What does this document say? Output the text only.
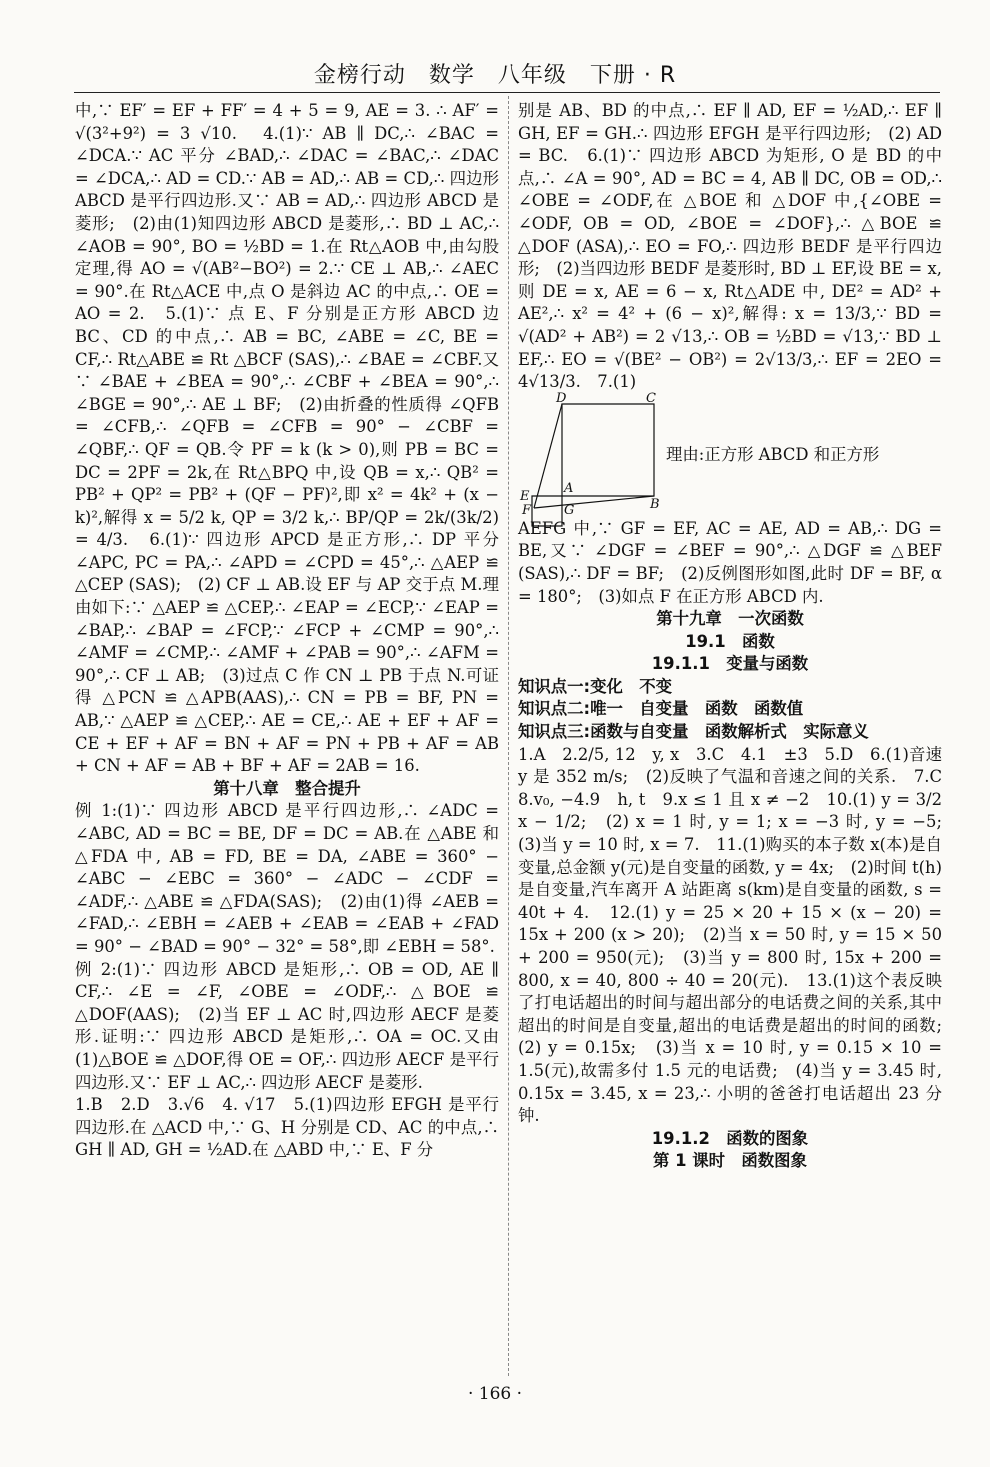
金榜行动　数学　八年级　下册 · R

中,∵ EF′ = EF + FF′ = 4 + 5 = 9, AE = 3. ∴ AF′ = √(3²+9²) = 3 √10.　4.(1)∵ AB ∥ DC,∴ ∠BAC = ∠DCA.∵ AC 平分 ∠BAD,∴ ∠DAC = ∠BAC,∴ ∠DAC = ∠DCA,∴ AD = CD.∵ AB = AD,∴ AB = CD,∴ 四边形 ABCD 是平行四边形.又∵ AB = AD,∴ 四边形 ABCD 是菱形;　(2)由(1)知四边形 ABCD 是菱形,∴ BD ⊥ AC,∴ ∠AOB = 90°, BO = ½BD = 1.在 Rt△AOB 中,由勾股定理,得 AO = √(AB²−BO²) = 2.∵ CE ⊥ AB,∴ ∠AEC = 90°.在 Rt△ACE 中,点 O 是斜边 AC 的中点,∴ OE = AO = 2.　5.(1)∵ 点 E、F 分别是正方形 ABCD 边 BC、CD 的中点,∴ AB = BC, ∠ABE = ∠C, BE = CF,∴ Rt△ABE ≌ Rt △BCF (SAS),∴ ∠BAE = ∠CBF.又∵ ∠BAE + ∠BEA = 90°,∴ ∠CBF + ∠BEA = 90°,∴ ∠BGE = 90°,∴ AE ⊥ BF;　(2)由折叠的性质得 ∠QFB = ∠CFB,∴ ∠QFB = ∠CFB = 90° − ∠CBF = ∠QBF,∴ QF = QB.令 PF = k (k > 0),则 PB = BC = DC = 2PF = 2k,在 Rt△BPQ 中,设 QB = x,∴ QB² = PB² + QP² = PB² + (QF − PF)²,即 x² = 4k² + (x − k)²,解得 x = 5/2 k, QP = 3/2 k,∴ BP/QP = 2k/(3k/2) = 4/3.　6.(1)∵ 四边形 APCD 是正方形,∴ DP 平分 ∠APC, PC = PA,∴ ∠APD = ∠CPD = 45°,∴ △AEP ≌ △CEP (SAS);　(2) CF ⊥ AB.设 EF 与 AP 交于点 M.理由如下:∵ △AEP ≌ △CEP,∴ ∠EAP = ∠ECP,∵ ∠EAP = ∠BAP,∴ ∠BAP = ∠FCP,∵ ∠FCP + ∠CMP = 90°,∴ ∠AMF = ∠CMP,∴ ∠AMF + ∠PAB = 90°,∴ ∠AFM = 90°,∴ CF ⊥ AB;　(3)过点 C 作 CN ⊥ PB 于点 N.可证得 △PCN ≌ △APB(AAS),∴ CN = PB = BF, PN = AB,∵ △AEP ≌ △CEP,∴ AE = CE,∴ AE + EF + AF = CE + EF + AF = BN + AF = PN + PB + AF = AB + CN + AF = AB + BF + AF = 2AB = 16.

第十八章　整合提升

例 1:(1)∵ 四边形 ABCD 是平行四边形,∴ ∠ADC = ∠ABC, AD = BC = BE, DF = DC = AB.在 △ABE 和 △FDA 中, AB = FD, BE = DA, ∠ABE = 360° − ∠ABC − ∠EBC = 360° − ∠ADC − ∠CDF = ∠ADF,∴ △ABE ≌ △FDA(SAS);　(2)由(1)得 ∠AEB = ∠FAD,∴ ∠EBH = ∠AEB + ∠EAB = ∠EAB + ∠FAD = 90° − ∠BAD = 90° − 32° = 58°,即 ∠EBH = 58°.

例 2:(1)∵ 四边形 ABCD 是矩形,∴ OB = OD, AE ∥ CF,∴ ∠E = ∠F, ∠OBE = ∠ODF,∴ △BOE ≌ △DOF(AAS);　(2)当 EF ⊥ AC 时,四边形 AECF 是菱形.证明:∵ 四边形 ABCD 是矩形,∴ OA = OC.又由(1)△BOE ≌ △DOF,得 OE = OF,∴ 四边形 AECF 是平行四边形.又∵ EF ⊥ AC,∴ 四边形 AECF 是菱形.

1.B　2.D　3.√6　4. √17　5.(1)四边形 EFGH 是平行四边形.在 △ACD 中,∵ G、H 分别是 CD、AC 的中点,∴ GH ∥ AD, GH = ½AD.在 △ABD 中,∵ E、F 分

别是 AB、BD 的中点,∴ EF ∥ AD, EF = ½AD,∴ EF ∥ GH, EF = GH.∴ 四边形 EFGH 是平行四边形;　(2) AD = BC.　6.(1)∵ 四边形 ABCD 为矩形, O 是 BD 的中点,∴ ∠A = 90°, AD = BC = 4, AB ∥ DC, OB = OD,∴ ∠OBE = ∠ODF,在 △BOE 和 △DOF 中,{∠OBE = ∠ODF, OB = OD, ∠BOE = ∠DOF},∴ △BOE ≌ △DOF (ASA),∴ EO = FO,∴ 四边形 BEDF 是平行四边形;　(2)当四边形 BEDF 是菱形时, BD ⊥ EF,设 BE = x,则 DE = x, AE = 6 − x, Rt△ADE 中, DE² = AD² + AE²,∴ x² = 4² + (6 − x)²,解得: x = 13/3,∵ BD = √(AD² + AB²) = 2 √13,∴ OB = ½BD = √13,∵ BD ⊥ EF,∴ EO = √(BE² − OB²) = 2√13/3,∴ EF = 2EO = 4√13/3.　7.(1)

D	C
E
A
B
F	G
理由:正方形 ABCD 和正方形

AEFG 中,∵ GF = EF, AC = AE, AD = AB,∴ DG = BE,又∵ ∠DGF = ∠BEF = 90°,∴ △DGF ≌ △BEF (SAS),∴ DF = BF;　(2)反例图形如图,此时 DF = BF, α = 180°;　(3)如点 F 在正方形 ABCD 内.

第十九章　一次函数

19.1　函数

19.1.1　变量与函数

知识点一:变化　不变

知识点二:唯一　自变量　函数　函数值

知识点三:函数与自变量　函数解析式　实际意义

1.A　2.2/5, 12　y, x　3.C　4.1　±3　5.D　6.(1)音速 y 是 352 m/s;　(2)反映了气温和音速之间的关系.　7.C　8.v₀, −4.9　h, t　9.x ≤ 1 且 x ≠ −2　10.(1) y = 3/2 x − 1/2;　(2) x = 1 时, y = 1; x = −3 时, y = −5;　(3)当 y = 10 时, x = 7.　11.(1)购买的本子数 x(本)是自变量,总金额 y(元)是自变量的函数, y = 4x;　(2)时间 t(h)是自变量,汽车离开 A 站距离 s(km)是自变量的函数, s = 40t + 4.　12.(1) y = 25 × 20 + 15 × (x − 20) = 15x + 200 (x > 20);　(2)当 x = 50 时, y = 15 × 50 + 200 = 950(元);　(3)当 y = 800 时, 15x + 200 = 800, x = 40, 800 ÷ 40 = 20(元).　13.(1)这个表反映了打电话超出的时间与超出部分的电话费之间的关系,其中超出的时间是自变量,超出的电话费是超出的时间的函数;　(2) y = 0.15x;　(3)当 x = 10 时, y = 0.15 × 10 = 1.5(元),故需多付 1.5 元的电话费;　(4)当 y = 3.45 时, 0.15x = 3.45, x = 23,∴ 小明的爸爸打电话超出 23 分钟.

19.1.2　函数的图象

第 1 课时　函数图象

· 166 ·
